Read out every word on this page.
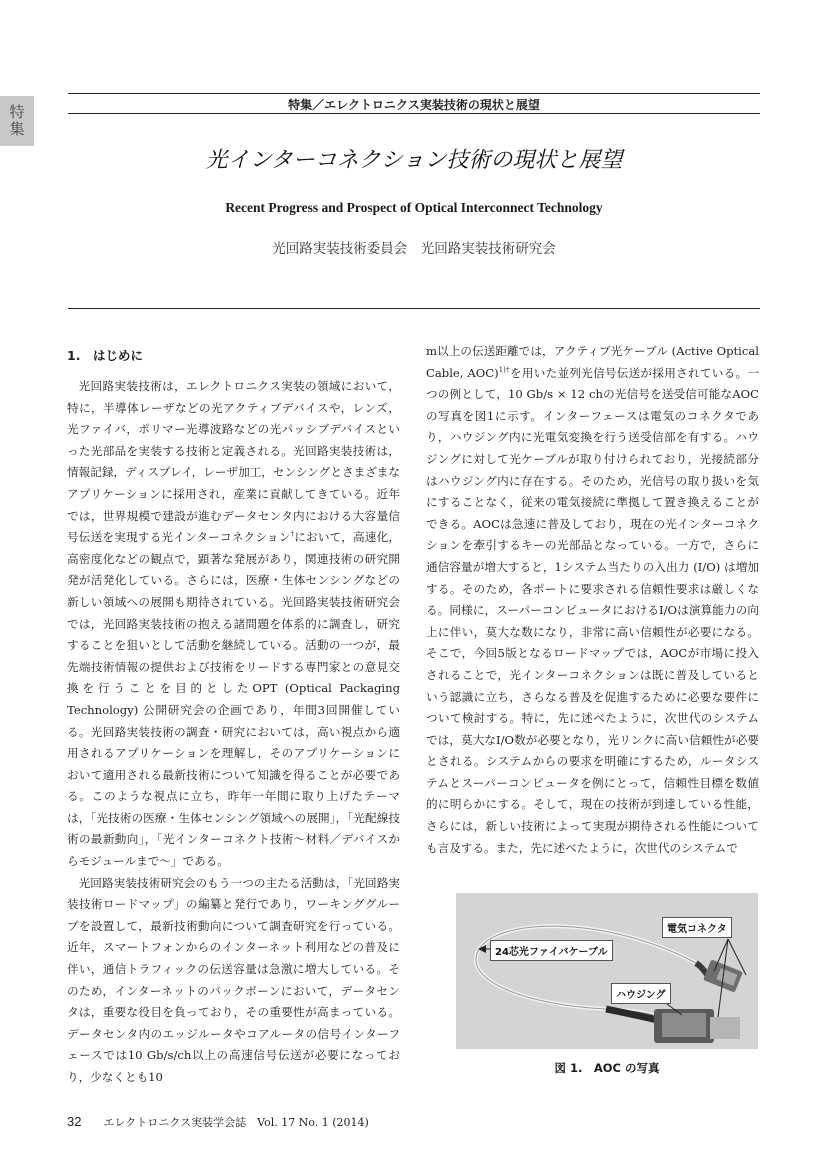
特集	特集／エレクトロニクス実装技術の現状と展望
光インターコネクション技術の現状と展望
Recent Progress and Prospect of Optical Interconnect Technology
光回路実装技術委員会　光回路実装技術研究会
1.　はじめに

光回路実装技術は，エレクトロニクス実装の領域において，特に，半導体レーザなどの光アクティブデバイスや，レンズ，光ファイバ，ポリマー光導波路などの光パッシブデバイスといった光部品を実装する技術と定義される。光回路実装技術は，情報記録，ディスプレイ，レーザ加工，センシングとさまざまなアプリケーションに採用され，産業に貢献してきている。近年では，世界規模で建設が進むデータセンタ内における大容量信号伝送を実現する光インターコネクション†において，高速化，高密度化などの観点で，顕著な発展があり，関連技術の研究開発が活発化している。さらには，医療・生体センシングなどの新しい領域への展開も期待されている。光回路実装技術研究会では，光回路実装技術の抱える諸問題を体系的に調査し，研究することを狙いとして活動を継続している。活動の一つが，最先端技術情報の提供および技術をリードする専門家との意見交換を行うことを目的としたOPT (Optical Packaging Technology) 公開研究会の企画であり，年間3回開催している。光回路実装技術の調査・研究においては，高い視点から適用されるアプリケーションを理解し，そのアプリケーションにおいて適用される最新技術について知識を得ることが必要である。このような視点に立ち，昨年一年間に取り上げたテーマは，「光技術の医療・生体センシング領域への展開」，「光配線技術の最新動向」，「光インターコネクト技術～材料／デバイスからモジュールまで～」である。

光回路実装技術研究会のもう一つの主たる活動は，「光回路実装技術ロードマップ」の編纂と発行であり，ワーキンググループを設置して，最新技術動向について調査研究を行っている。近年，スマートフォンからのインターネット利用などの普及に伴い，通信トラフィックの伝送容量は急激に増大している。そのため，インターネットのバックボーンにおいて，データセンタは，重要な役目を負っており，その重要性が高まっている。データセンタ内のエッジルータやコアルータの信号インターフェースでは10 Gb/s/ch以上の高速信号伝送が必要になっており，少なくとも10

m以上の伝送距離では，アクティブ光ケーブル (Active Optical Cable, AOC)$^{1)\dagger}$を用いた並列光信号伝送が採用されている。一つの例として，10 Gb/s × 12 chの光信号を送受信可能なAOCの写真を図1に示す。インターフェースは電気のコネクタであり，ハウジング内に光電気変換を行う送受信部を有する。ハウジングに対して光ケーブルが取り付けられており，光接続部分はハウジング内に存在する。そのため，光信号の取り扱いを気にすることなく，従来の電気接続に準拠して置き換えることができる。AOCは急速に普及しており，現在の光インターコネクションを牽引するキーの光部品となっている。一方で，さらに通信容量が増大すると，1システム当たりの入出力 (I/O) は増加する。そのため，各ポートに要求される信頼性要求は厳しくなる。同様に，スーパーコンピュータにおけるI/Oは演算能力の向上に伴い，莫大な数になり，非常に高い信頼性が必要になる。そこで，今回5版となるロードマップでは，AOCが市場に投入されることで，光インターコネクションは既に普及しているという認識に立ち，さらなる普及を促進するために必要な要件について検討する。特に，先に述べたように，次世代のシステムでは，莫大なI/O数が必要となり，光リンクに高い信頼性が必要とされる。システムからの要求を明確にするため，ルータシステムとスーパーコンピュータを例にとって，信頼性目標を数値的に明らかにする。そして，現在の技術が到達している性能，さらには，新しい技術によって実現が期待される性能についても言及する。また，先に述べたように，次世代のシステムで

24芯光ファイバケーブル
電気コネクタ
ハウジング
図 1.　AOC の写真
32 エレクトロニクス実装学会誌　Vol. 17 No. 1 (2014)
